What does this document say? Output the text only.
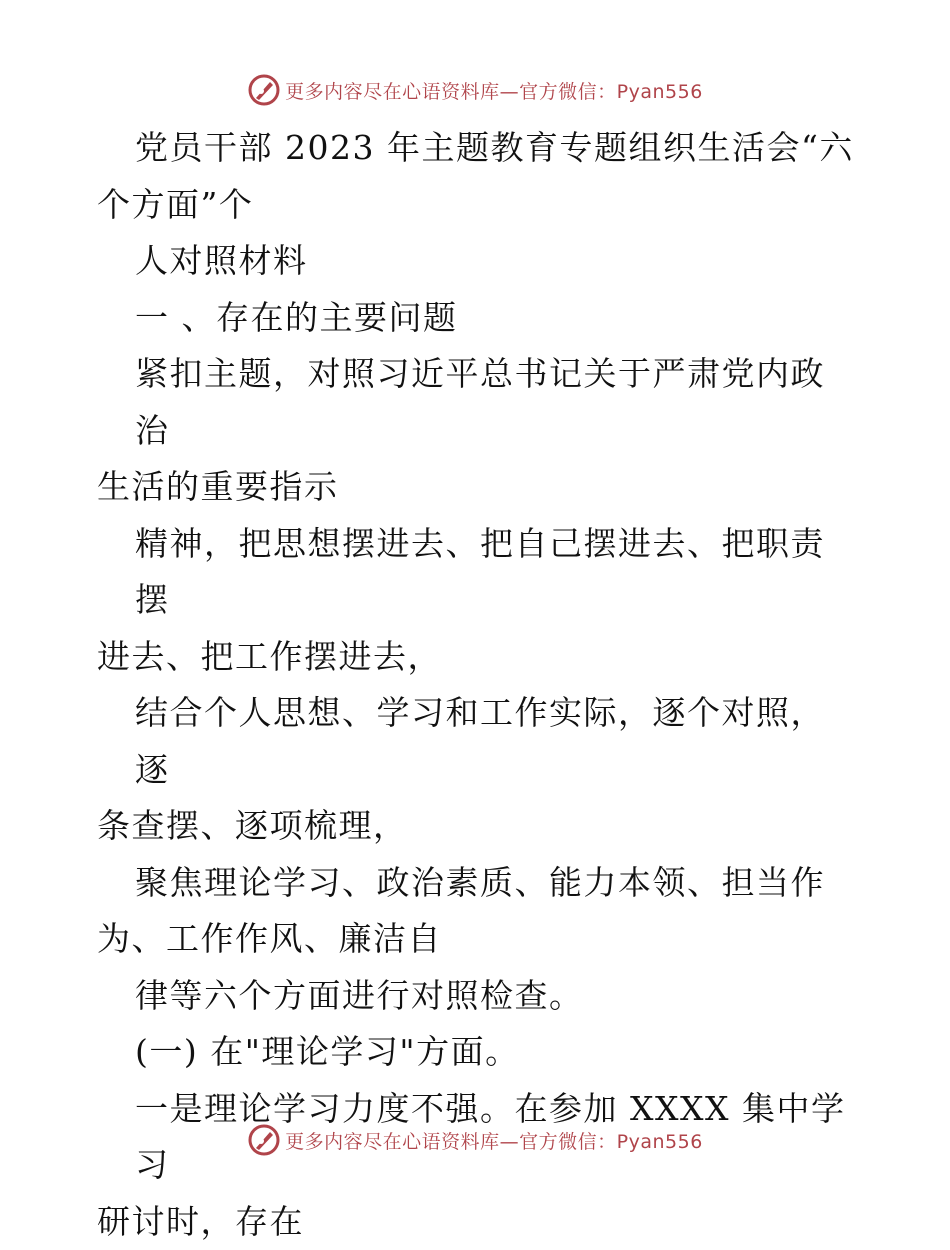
更多内容尽在心语资料库—官方微信：Pyan556

党员干部 2023 年主题教育专题组织生活会“六

个方面”个

人对照材料

一 、存在的主要问题

紧扣主题，对照习近平总书记关于严肃党内政治

生活的重要指示

精神，把思想摆进去、把自己摆进去、把职责摆

进去、把工作摆进去，

结合个人思想、学习和工作实际，逐个对照，逐

条查摆、逐项梳理，

聚焦理论学习、政治素质、能力本领、担当作

为、工作作风、廉洁自

律等六个方面进行对照检查。

(一) 在"理论学习"方面。

一是理论学习力度不强。在参加 XXXX 集中学习

研讨时，存在

更多内容尽在心语资料库—官方微信：Pyan556
